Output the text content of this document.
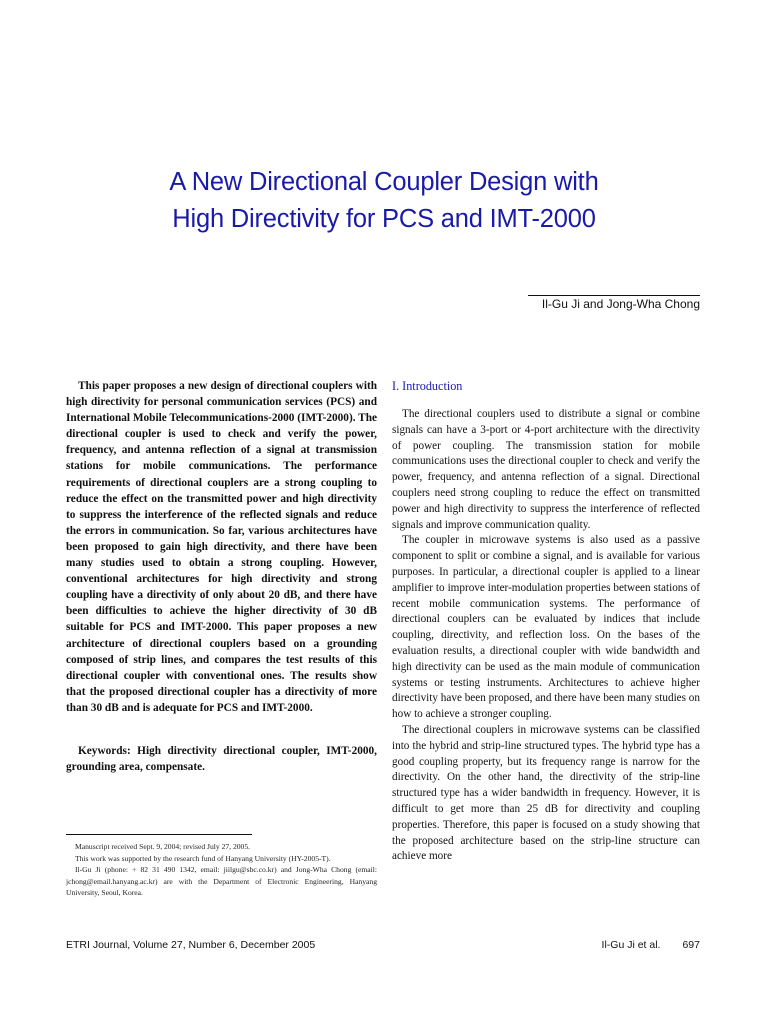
A New Directional Coupler Design with
High Directivity for PCS and IMT-2000
Il-Gu Ji and Jong-Wha Chong

This paper proposes a new design of directional couplers with high directivity for personal communication services (PCS) and International Mobile Telecommunications-2000 (IMT-2000). The directional coupler is used to check and verify the power, frequency, and antenna reflection of a signal at transmission stations for mobile communications. The performance requirements of directional couplers are a strong coupling to reduce the effect on the transmitted power and high directivity to suppress the interference of the reflected signals and reduce the errors in communication. So far, various architectures have been proposed to gain high directivity, and there have been many studies used to obtain a strong coupling. However, conventional architectures for high directivity and strong coupling have a directivity of only about 20 dB, and there have been difficulties to achieve the higher directivity of 30 dB suitable for PCS and IMT-2000. This paper proposes a new architecture of directional couplers based on a grounding composed of strip lines, and compares the test results of this directional coupler with conventional ones. The results show that the proposed directional coupler has a directivity of more than 30 dB and is adequate for PCS and IMT-2000.

Keywords: High directivity directional coupler, IMT-2000, grounding area, compensate.

Manuscript received Sept. 9, 2004; revised July 27, 2005.

This work was supported by the research fund of Hanyang University (HY-2005-T).

Il-Gu Ji (phone: + 82 31 490 1342, email: jiilgu@sbc.co.kr) and Jong-Wha Chong (email: jchong@email.hanyang.ac.kr) are with the Department of Electronic Engineering, Hanyang University, Seoul, Korea.

I. Introduction

The directional couplers used to distribute a signal or combine signals can have a 3-port or 4-port architecture with the directivity of power coupling. The transmission station for mobile communications uses the directional coupler to check and verify the power, frequency, and antenna reflection of a signal. Directional couplers need strong coupling to reduce the effect on transmitted power and high directivity to suppress the interference of reflected signals and improve communication quality.

The coupler in microwave systems is also used as a passive component to split or combine a signal, and is available for various purposes. In particular, a directional coupler is applied to a linear amplifier to improve inter-modulation properties between stations of recent mobile communication systems. The performance of directional couplers can be evaluated by indices that include coupling, directivity, and reflection loss. On the bases of the evaluation results, a directional coupler with wide bandwidth and high directivity can be used as the main module of communication systems or testing instruments. Architectures to achieve higher directivity have been proposed, and there have been many studies on how to achieve a stronger coupling.

The directional couplers in microwave systems can be classified into the hybrid and strip-line structured types. The hybrid type has a good coupling property, but its frequency range is narrow for the directivity. On the other hand, the directivity of the strip-line structured type has a wider bandwidth in frequency. However, it is difficult to get more than 25 dB for directivity and coupling properties. Therefore, this paper is focused on a study showing that the proposed architecture based on the strip-line structure can achieve more

ETRI Journal, Volume 27, Number 6, December 2005	Il-Gu Ji et al. 697
